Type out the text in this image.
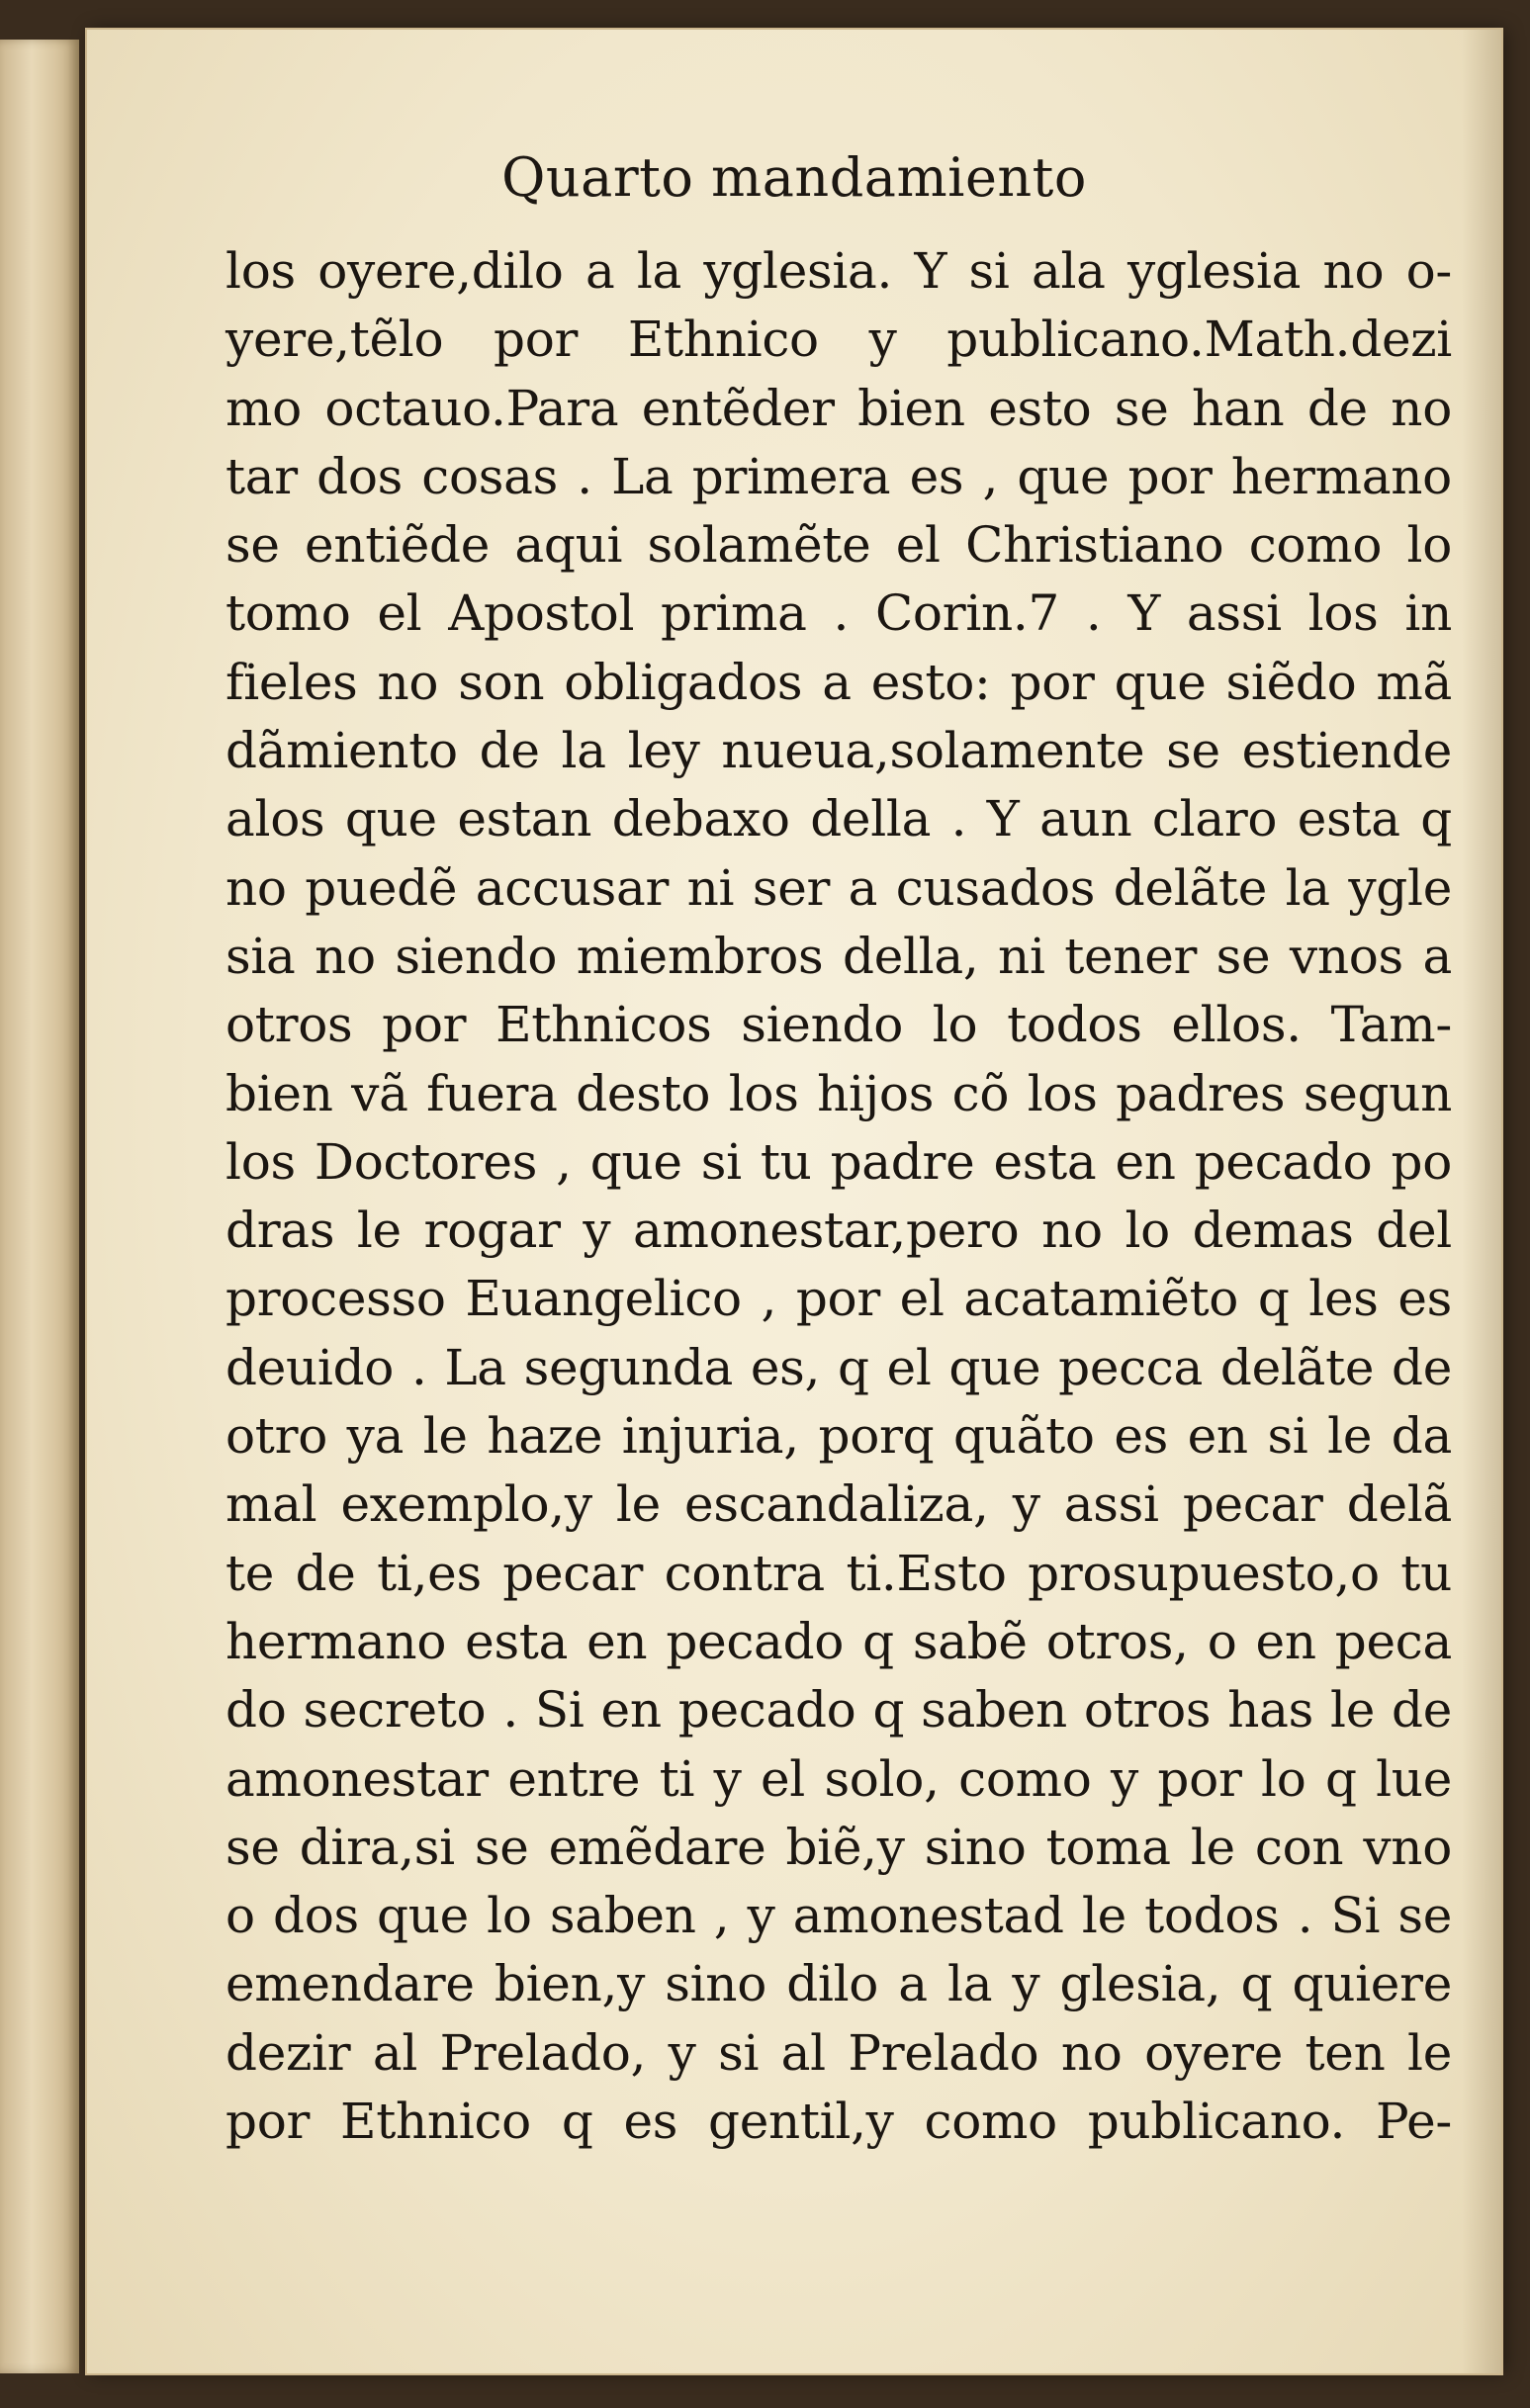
Quarto mandamiento
los oyere,dilo a la yglesia. Y si ala yglesia no o-
yere,tẽlo por Ethnico y publicano.Math.dezi
mo octauo.Para entẽder bien esto se han de no
tar dos cosas . La primera es , que por hermano
se entiẽde aqui solamẽte el Christiano como lo
tomo el Apostol prima . Corin.7 . Y assi los in
fieles no son obligados a esto: por que siẽdo mã
dãmiento de la ley nueua,solamente se estiende
alos que estan debaxo della . Y aun claro esta q
no puedẽ accusar ni ser a cusados delãte la ygle
sia no siendo miembros della, ni tener se vnos a
otros por Ethnicos siendo lo todos ellos. Tam-
bien vã fuera desto los hijos cõ los padres segun
los Doctores , que si tu padre esta en pecado po
dras le rogar y amonestar,pero no lo demas del
processo Euangelico , por el acatamiẽto q les es
deuido . La segunda es, q el que pecca delãte de
otro ya le haze injuria, porq quãto es en si le da
mal exemplo,y le escandaliza, y assi pecar delã
te de ti,es pecar contra ti.Esto prosupuesto,o tu
hermano esta en pecado q sabẽ otros, o en peca
do secreto . Si en pecado q saben otros has le de
amonestar entre ti y el solo, como y por lo q lue
se dira,si se emẽdare biẽ,y sino toma le con vno
o dos que lo saben , y amonestad le todos . Si se
emendare bien,y sino dilo a la y glesia, q quiere
dezir al Prelado, y si al Prelado no oyere ten le
por Ethnico q es gentil,y como publicano. Pe-
